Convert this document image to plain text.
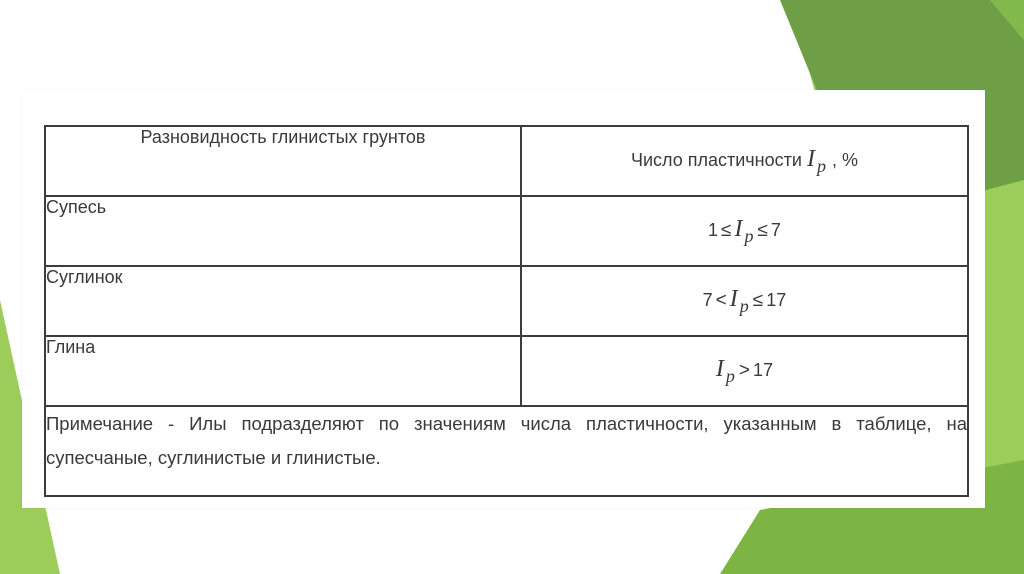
Разновидность глинистых грунтов	Число пластичности $I_p$ , %
Супесь	$1 \le I_p \le 7$
Суглинок	$7 < I_p \le 17$
Глина	$I_p > 17$
Примечание - Илы подразделяют по значениям числа пластичности, указанным в таблице, на супесчаные, суглинистые и глинистые.	
